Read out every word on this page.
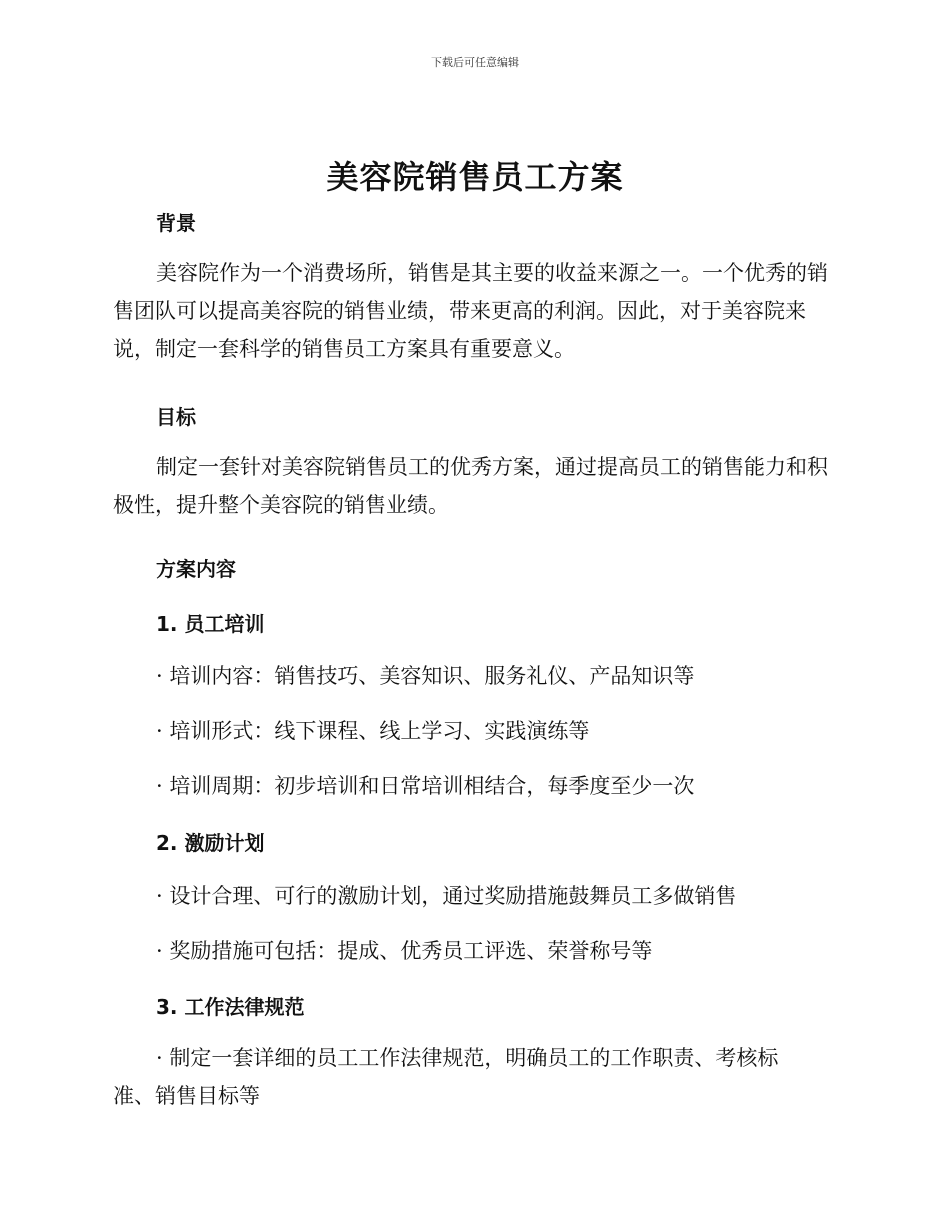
下载后可任意编辑
美容院销售员工方案
背景
美容院作为一个消费场所，销售是其主要的收益来源之一。一个优秀的销售团队可以提高美容院的销售业绩，带来更高的利润。因此，对于美容院来说，制定一套科学的销售员工方案具有重要意义。
目标
制定一套针对美容院销售员工的优秀方案，通过提高员工的销售能力和积极性，提升整个美容院的销售业绩。
方案内容
1. 员工培训
· 培训内容：销售技巧、美容知识、服务礼仪、产品知识等
· 培训形式：线下课程、线上学习、实践演练等
· 培训周期：初步培训和日常培训相结合，每季度至少一次
2. 激励计划
· 设计合理、可行的激励计划，通过奖励措施鼓舞员工多做销售
· 奖励措施可包括：提成、优秀员工评选、荣誉称号等
3. 工作法律规范
· 制定一套详细的员工工作法律规范，明确员工的工作职责、考核标准、销售目标等
